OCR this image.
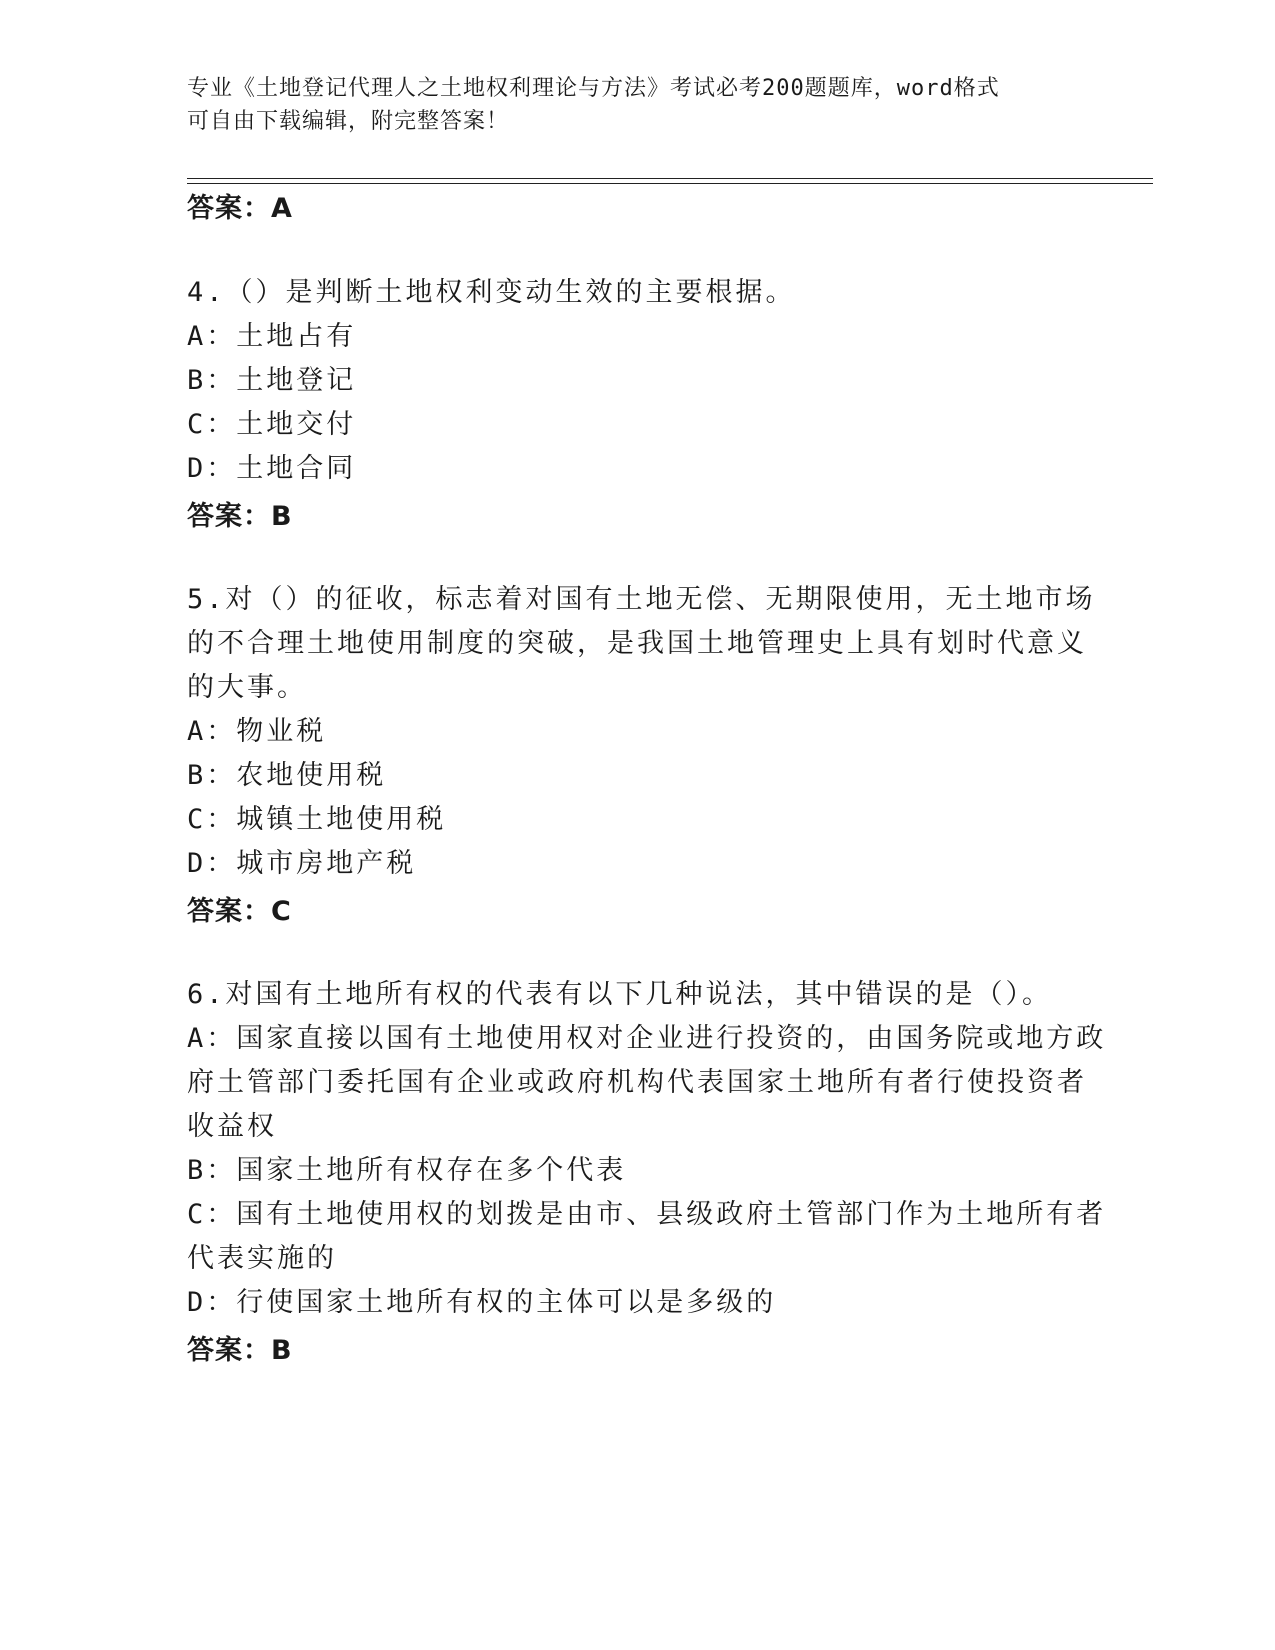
专业《土地登记代理人之土地权利理论与方法》考试必考200题题库，word格式
可自由下载编辑，附完整答案！
答案：A
4.（）是判断土地权利变动生效的主要根据。
A：土地占有
B：土地登记
C：土地交付
D：土地合同
答案：B
5.对（）的征收，标志着对国有土地无偿、无期限使用，无土地市场
的不合理土地使用制度的突破，是我国土地管理史上具有划时代意义
的大事。
A：物业税
B：农地使用税
C：城镇土地使用税
D：城市房地产税
答案：C
6.对国有土地所有权的代表有以下几种说法，其中错误的是（）。
A：国家直接以国有土地使用权对企业进行投资的，由国务院或地方政
府土管部门委托国有企业或政府机构代表国家土地所有者行使投资者
收益权
B：国家土地所有权存在多个代表
C：国有土地使用权的划拨是由市、县级政府土管部门作为土地所有者
代表实施的
D：行使国家土地所有权的主体可以是多级的
答案：B
